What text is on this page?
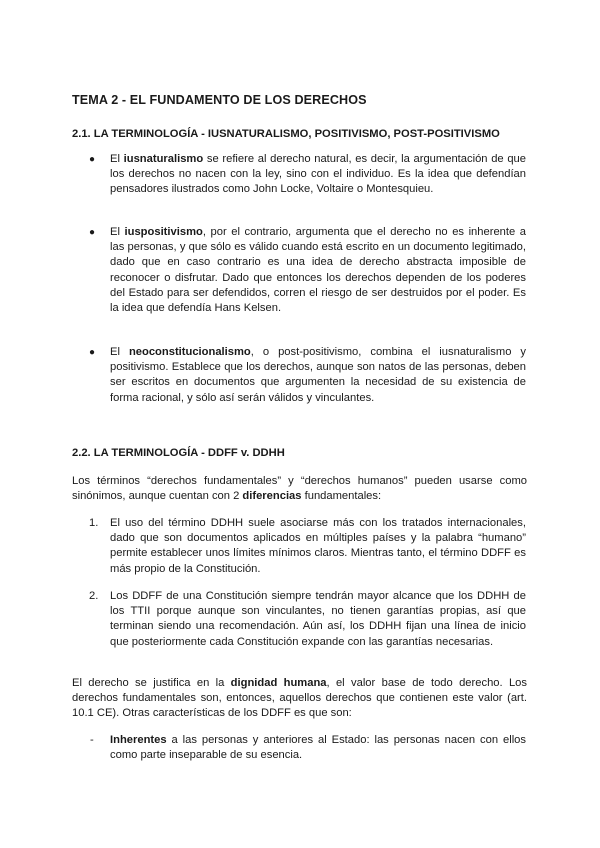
TEMA 2 - EL FUNDAMENTO DE LOS DERECHOS
2.1. LA TERMINOLOGÍA - IUSNATURALISMO, POSITIVISMO, POST-POSITIVISMO
● El iusnaturalismo se refiere al derecho natural, es decir, la argumentación de que los derechos no nacen con la ley, sino con el individuo. Es la idea que defendían pensadores ilustrados como John Locke, Voltaire o Montesquieu.
● El iuspositivismo, por el contrario, argumenta que el derecho no es inherente a las personas, y que sólo es válido cuando está escrito en un documento legitimado, dado que en caso contrario es una idea de derecho abstracta imposible de reconocer o disfrutar. Dado que entonces los derechos dependen de los poderes del Estado para ser defendidos, corren el riesgo de ser destruidos por el poder. Es la idea que defendía Hans Kelsen.
● El neoconstitucionalismo, o post-positivismo, combina el iusnaturalismo y positivismo. Establece que los derechos, aunque son natos de las personas, deben ser escritos en documentos que argumenten la necesidad de su existencia de forma racional, y sólo así serán válidos y vinculantes.
2.2. LA TERMINOLOGÍA - DDFF v. DDHH
Los términos “derechos fundamentales” y “derechos humanos” pueden usarse como sinónimos, aunque cuentan con 2 diferencias fundamentales:
1. El uso del término DDHH suele asociarse más con los tratados internacionales, dado que son documentos aplicados en múltiples países y la palabra “humano” permite establecer unos límites mínimos claros. Mientras tanto, el término DDFF es más propio de la Constitución.
2. Los DDFF de una Constitución siempre tendrán mayor alcance que los DDHH de los TTII porque aunque son vinculantes, no tienen garantías propias, así que terminan siendo una recomendación. Aún así, los DDHH fijan una línea de inicio que posteriormente cada Constitución expande con las garantías necesarias.
El derecho se justifica en la dignidad humana, el valor base de todo derecho. Los derechos fundamentales son, entonces, aquellos derechos que contienen este valor (art. 10.1 CE). Otras características de los DDFF es que son:
- Inherentes a las personas y anteriores al Estado: las personas nacen con ellos como parte inseparable de su esencia.
